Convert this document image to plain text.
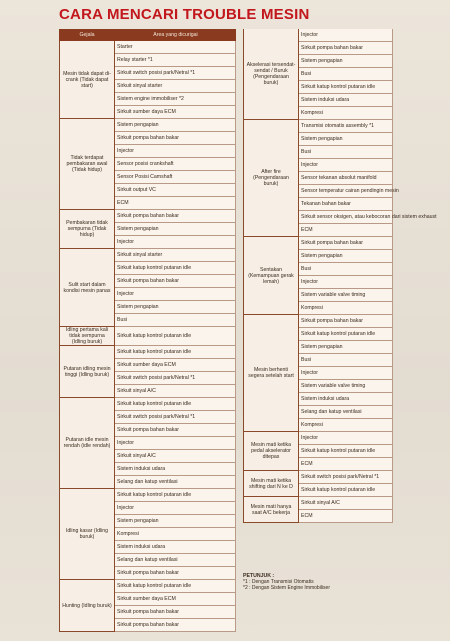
CARA MENCARI TROUBLE MESIN
Gejala	Area yang dicurigai
Mesin tidak dapat di-crank (Tidak dapat start)	Starter
	Relay starter *1
	Sirkuit switch posisi park/Netral *1
	Sirkuit sinyal starter
	Sistem engine immobiliser *2
	Sirkuit sumber daya ECM
Tidak terdapat pembakaran awal (Tidak hidup)	Sistem pengapian
	Sirkuit pompa bahan bakar
	Injector
	Sensor posisi crankshaft
	Sensor Posisi Camshaft
	Sirkuit output VC
	ECM
Pembakaran tidak sempurna (Tidak hidup)	Sirkuit pompa bahan bakar
	Sistem pengapian
	Injector
Sulit start dalam kondisi mesin panas	Sirkuit sinyal starter
	Sirkuit katup kontrol putaran idle
	Sirkuit pompa bahan bakar
	Injector
	Sistem pengapian
	Busi
Idling pertama kali tidak sempurna (Idling buruk)	Sirkuit katup kontrol putaran idle
Putaran idling mesin tinggi (Idling buruk)	Sirkuit katup kontrol putaran idle
	Sirkuit sumber daya ECM
	Sirkuit switch posisi park/Netral *1
	Sirkuit sinyal A/C
Putaran idle mesin rendah (idle rendah)	Sirkuit katup kontrol putaran idle
	Sirkuit switch posisi park/Netral *1
	Sirkuit pompa bahan bakar
	Injector
	Sirkuit sinyal A/C
	Sistem induksi udara
	Selang dan katup ventilasi
Idling kasar (Idling buruk)	Sirkuit katup kontrol putaran idle
	Injector
	Sistem pengapian
	Kompresi
	Sistem induksi udara
	Selang dan katup ventilasi
	Sirkuit pompa bahan bakar
Hunting (Idling buruk)	Sirkuit katup kontrol putaran idle
	Sirkuit sumber daya ECM
	Sirkuit pompa bahan bakar
	Sirkuit pompa bahan bakar
Akselerasi tersendat-sendat / Buruk (Pengendaraan buruk)	Injector
	Sirkuit pompa bahan bakar
	Sistem pengapian
	Busi
	Sirkuit katup kontrol putaran idle
	Sistem induksi udara
	Kompresi
After fire (Pengendaraan buruk)	Transmisi otomatis assembly *1
	Sistem pengapian
	Busi
	Injector
	Sensor tekanan absolut manifold
	Sensor temperatur cairan pendingin mesin
	Tekanan bahan bakar
	Sirkuit sensor oksigen, atau kebocoran dari sistem exhaust
	ECM
Sentakan (Kemampuan gerak lemah)	Sirkuit pompa bahan bakar
	Sistem pengapian
	Busi
	Injector
	Sistem variable valve timing
	Kompresi
Mesin berhenti segera setelah start	Sirkuit pompa bahan bakar
	Sirkuit katup kontrol putaran idle
	Sistem pengapian
	Busi
	Injector
	Sistem variable valve timing
	Sistem induksi udara
	Selang dan katup ventilasi
	Kompresi
Mesin mati ketika pedal akselerator ditepas	Injector
	Sirkuit katup kontrol putaran idle
	ECM
Mesin mati ketika shifting dari N ke D	Sirkuit switch posisi park/Netral *1
	Sirkuit katup kontrol putaran idle
Mesin mati hanya saat A/C bekerja	Sirkuit sinyal A/C
	ECM
PETUNJUK :
*1 : Dengan Transmisi Otomatis
*2 : Dengan Sistem Engine Immobiliser
